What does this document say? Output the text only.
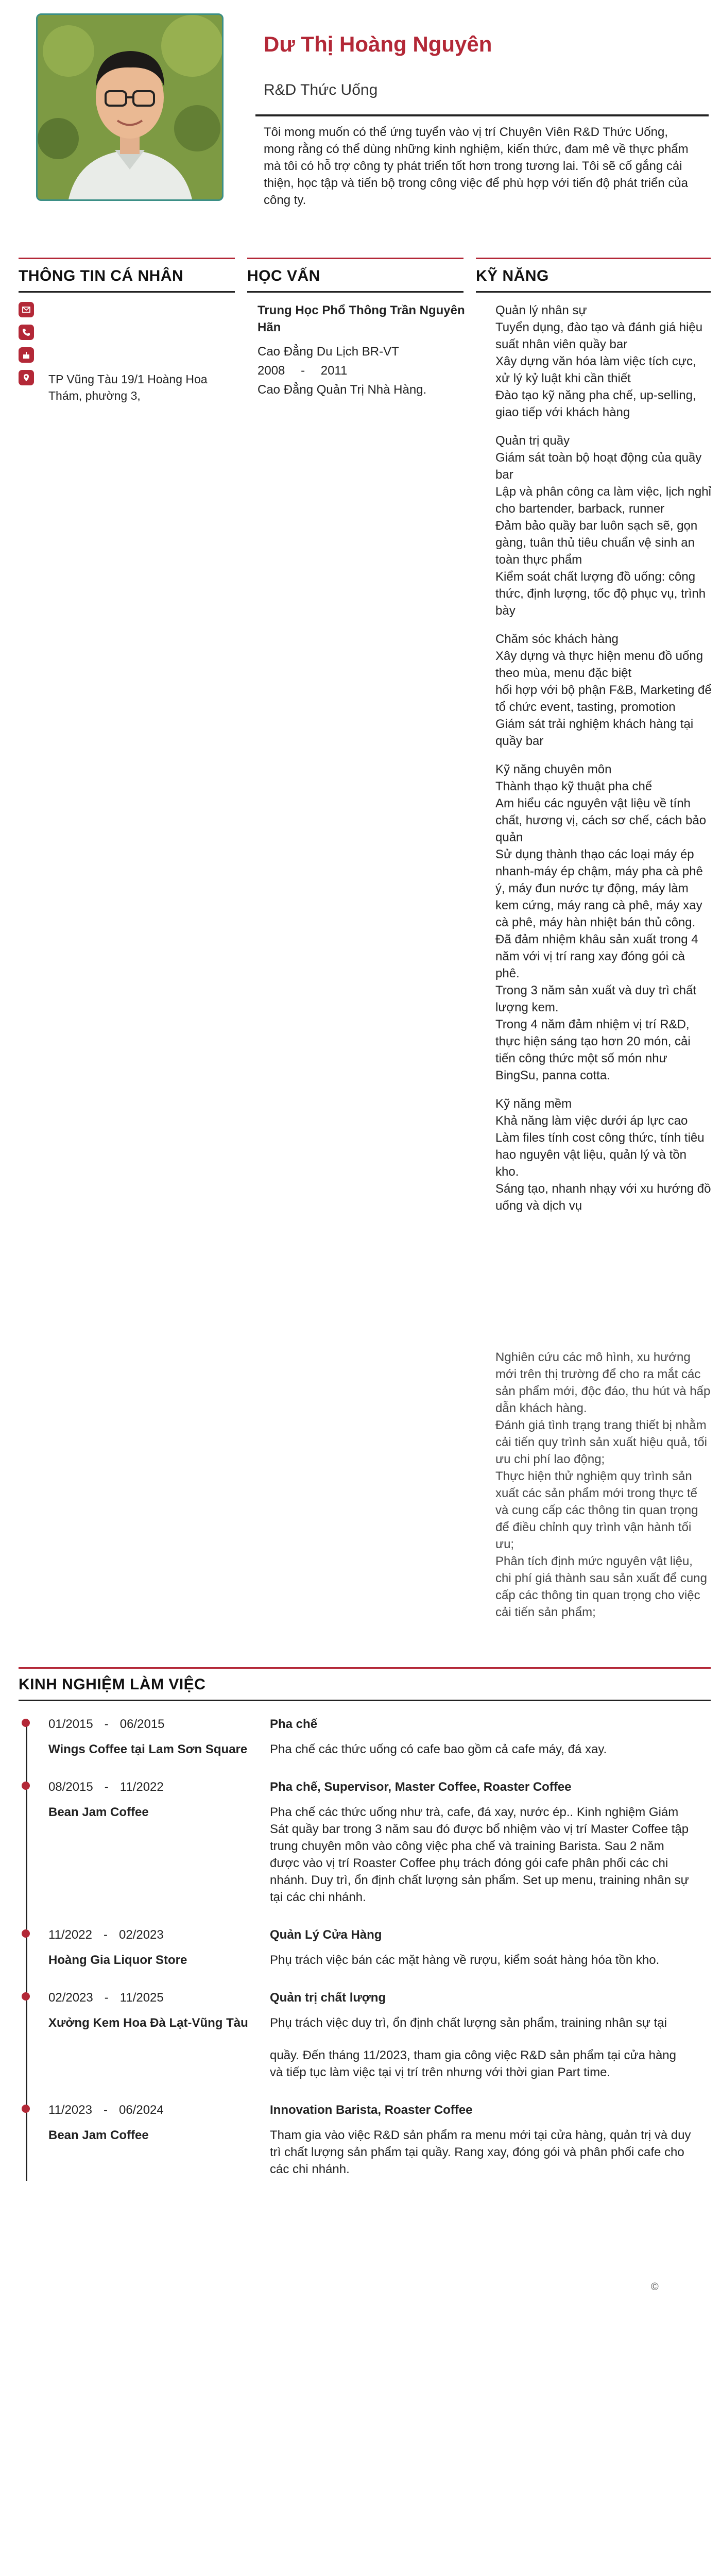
Dư Thị Hoàng Nguyên
R&D Thức Uống
Tôi mong muốn có thể ứng tuyển vào vị trí Chuyên Viên R&D Thức Uống, mong rằng có thể dùng những kinh nghiệm, kiến thức, đam mê về thực phẩm mà tôi có hỗ trợ công ty phát triển tốt hơn trong tương lai. Tôi sẽ cố gắng cải thiện, học tập và tiến bộ trong công việc để phù hợp với tiến độ phát triển của công ty.
THÔNG TIN CÁ NHÂN
TP Vũng Tàu 19/1 Hoàng Hoa Thám, phường 3,
HỌC VẤN
Trung Học Phổ Thông Trần Nguyên Hãn
Cao Đẳng Du Lịch BR-VT
2008 - 2011
Cao Đẳng Quản Trị Nhà Hàng.
KỸ NĂNG
Quản lý nhân sự
Tuyển dụng, đào tạo và đánh giá hiệu suất nhân viên quầy bar
Xây dựng văn hóa làm việc tích cực, xử lý kỷ luật khi cần thiết
Đào tạo kỹ năng pha chế, up-selling, giao tiếp với khách hàng
Quản trị quầy
Giám sát toàn bộ hoạt động của quầy bar
Lập và phân công ca làm việc, lịch nghỉ cho bartender, barback, runner
Đảm bảo quầy bar luôn sạch sẽ, gọn gàng, tuân thủ tiêu chuẩn vệ sinh an toàn thực phẩm
Kiểm soát chất lượng đồ uống: công thức, định lượng, tốc độ phục vụ, trình bày
Chăm sóc khách hàng
Xây dựng và thực hiện menu đồ uống theo mùa, menu đặc biệt
hối hợp với bộ phận F&B, Marketing để tổ chức event, tasting, promotion
Giám sát trải nghiệm khách hàng tại quầy bar
Kỹ năng chuyên môn
Thành thạo kỹ thuật pha chế
Am hiểu các nguyên vật liệu về tính chất, hương vị, cách sơ chế, cách bảo quản
Sử dụng thành thạo các loại máy ép nhanh-máy ép chậm, máy pha cà phê ý, máy đun nước tự động, máy làm kem cứng, máy rang cà phê, máy xay cà phê, máy hàn nhiệt bán thủ công.
Đã đảm nhiệm khâu sản xuất trong 4 năm với vị trí rang xay đóng gói cà phê.
Trong 3 năm sản xuất và duy trì chất lượng kem.
Trong 4 năm đảm nhiệm vị trí R&D, thực hiện sáng tạo hơn 20 món, cải tiến công thức một số món như BingSu, panna cotta.
Kỹ năng mềm
Khả năng làm việc dưới áp lực cao
Làm files tính cost công thức, tính tiêu hao nguyên vật liệu, quản lý và tồn kho.
Sáng tạo, nhanh nhạy với xu hướng đồ uống và dịch vụ
Nghiên cứu các mô hình, xu hướng mới trên thị trường để cho ra mắt các sản phẩm mới, độc đáo, thu hút và hấp dẫn khách hàng.
Đánh giá tình trạng trang thiết bị nhằm cải tiến quy trình sản xuất hiệu quả, tối ưu chi phí lao động;
Thực hiện thử nghiệm quy trình sản xuất các sản phẩm mới trong thực tế và cung cấp các thông tin quan trọng để điều chỉnh quy trình vận hành tối ưu;
Phân tích định mức nguyên vật liệu, chi phí giá thành sau sản xuất để cung cấp các thông tin quan trọng cho việc cải tiến sản phẩm;
KINH NGHIỆM LÀM VIỆC
01/2015 - 06/2015
Wings Coffee tại Lam Sơn Square
Pha chế
Pha chế các thức uống có cafe bao gồm cả cafe máy, đá xay.
08/2015 - 11/2022
Bean Jam Coffee
Pha chế, Supervisor, Master Coffee, Roaster Coffee
Pha chế các thức uống như trà, cafe, đá xay, nước ép.. Kinh nghiệm Giám Sát quầy bar trong 3 năm sau đó được bổ nhiệm vào vị trí Master Coffee tập trung chuyên môn vào công việc pha chế và training Barista. Sau 2 năm được vào vị trí Roaster Coffee phụ trách đóng gói cafe phân phối các chi nhánh. Duy trì, ổn định chất lượng sản phẩm. Set up menu, training nhân sự tại các chi nhánh.
11/2022 - 02/2023
Hoàng Gia Liquor Store
Quản Lý Cửa Hàng
Phụ trách việc bán các mặt hàng về rượu, kiểm soát hàng hóa tồn kho.
02/2023 - 11/2025
Xưởng Kem Hoa Đà Lạt-Vũng Tàu
Quản trị chất lượng
Phụ trách việc duy trì, ổn định chất lượng sản phẩm, training nhân sự tại
quầy. Đến tháng 11/2023, tham gia công việc R&D sản phẩm tại cửa hàng và tiếp tục làm việc tại vị trí trên nhưng với thời gian Part time.
11/2023 - 06/2024
Bean Jam Coffee
Innovation Barista, Roaster Coffee
Tham gia vào việc R&D sản phẩm ra menu mới tại cửa hàng, quản trị và duy trì chất lượng sản phẩm tại quầy. Rang xay, đóng gói và phân phối cafe cho các chi nhánh.
©
